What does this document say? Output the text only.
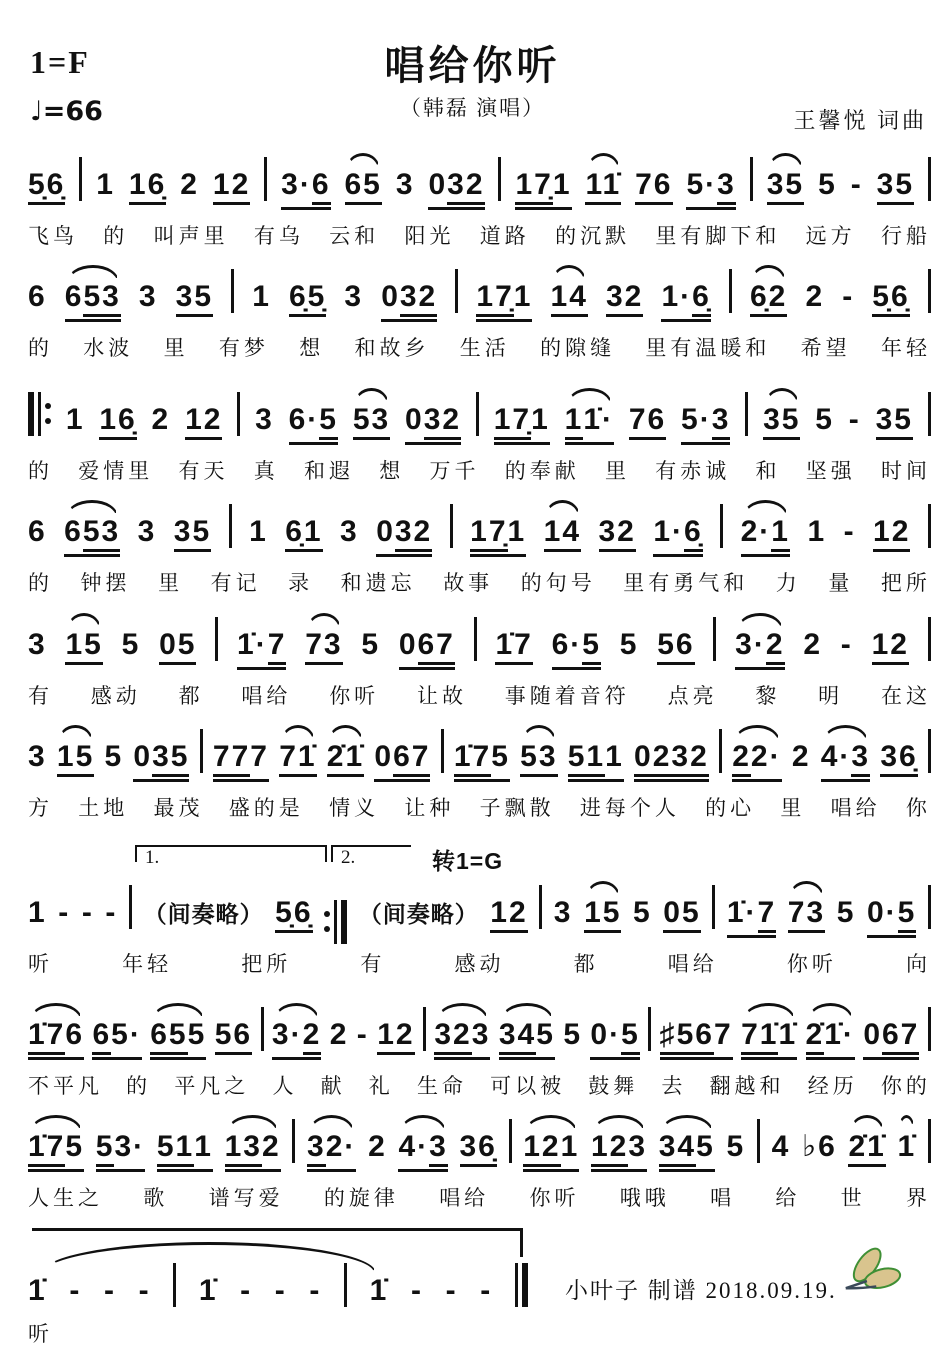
1=F
♩=66
唱给你听
（韩磊 演唱）	王馨悦 词曲
5̣6̣ 1 16̣ 2 12 3· 6 65 3 0 32 17̣ 1 11̇ 76 5· 3 35 5 - 35
飞鸟 的 叫声里 有乌 云和 阳光 道路 的沉默 里有脚下和 远方 行船
6 6 53 3 35 1 6̣5̣ 3 0 32 17̣ 1 14 32 1· 6̣ 6̣2 2 - 5̣6̣
的 水波 里 有梦 想 和故乡 生活 的隙缝 里有温暖和 希望 年轻
1 16̣ 2 12 3 6· 5 53 0 32 17̣ 1 1 1̇· 76 5· 3 35 5 - 35
的 爱情里 有天 真 和遐 想 万千 的奉献 里 有赤诚 和 坚强 时间
6 6 53 3 35 1 6̣1 3 0 32 17̣ 1 14 32 1· 6̣ 2· 1 1 - 12
的 钟摆 里 有记 录 和遗忘 故事 的句号 里有勇气和 力 量 把所
3 15 5 05 1̇· 7 73 5 0 67 1̇7 6· 5 5 56 3· 2 2 - 12
有 感动 都 唱给 你听 让故 事随着音符 点亮 黎 明 在这
3 15 5 0 35 77 7 71̇ 2̇1̇ 0 67 1̇7 5 53 51 1 0232 2 2· 2 4· 3 36̣
方 土地 最茂 盛的是 情义 让种 子飘散 进每个人 的心 里 唱给 你
1 - - - （间奏略） 5̣6̣ （间奏略） 12 3 15 5 05 1̇· 7 73 5 0· 5
听	年轻	把所	有	感动	都	唱给	你听	向
1̇7 6 6 5· 65 5 56 3· 2 2 - 12 32 3 34 5 5 0· 5 ♯56 7 71̇ 1̇ 2̇ 1̇· 0 67
不平凡 的 平凡之 人 献 礼 生命 可以被 鼓舞 去 翻越和 经历 你的
1̇7 5 5 3· 51 1 13 2 3 2· 2 4· 3 36̣ 12 1 12 3 34 5 5 4 ♭6 2̇1̇ 1̇
人生之 歌 谱写爱 的旋律 唱给 你听 哦哦 唱 给 世 界
1̇ - - - 1̇ - - - 1̇ - - -
听
1.	2.	转1=G
小叶子 制谱 2018.09.19.
